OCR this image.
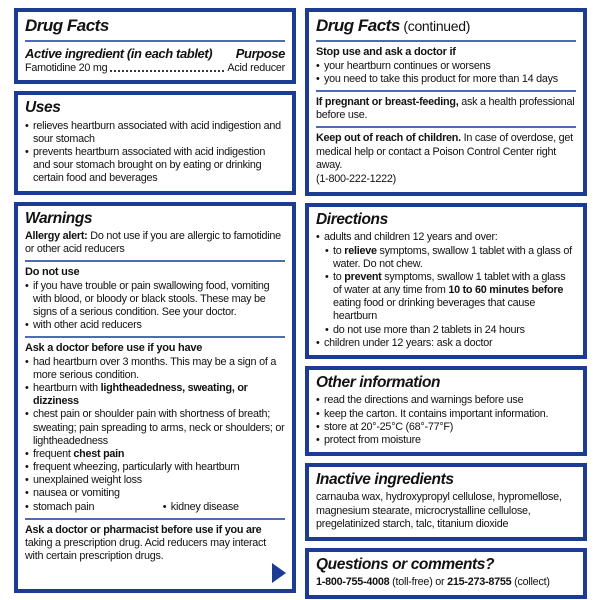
Drug Facts
Active ingredient (in each tablet) Purpose
Famotidine 20 mg	Acid reducer
Uses
• relieves heartburn associated with acid indigestion and sour stomach
• prevents heartburn associated with acid indigestion and sour stomach brought on by eating or drinking certain food and beverages
Warnings
Allergy alert: Do not use if you are allergic to famotidine or other acid reducers
Do not use
• if you have trouble or pain swallowing food, vomiting with blood, or bloody or black stools. These may be signs of a serious condition. See your doctor.
• with other acid reducers
Ask a doctor before use if you have
• had heartburn over 3 months. This may be a sign of a more serious condition.
• heartburn with lightheadedness, sweating, or dizziness
• chest pain or shoulder pain with shortness of breath; sweating; pain spreading to arms, neck or shoulders; or lightheadedness
• frequent chest pain
• frequent wheezing, particularly with heartburn
• unexplained weight loss
• nausea or vomiting
• stomach pain	• kidney disease
Ask a doctor or pharmacist before use if you are taking a prescription drug. Acid reducers may interact with certain prescription drugs.
Drug Facts (continued)
Stop use and ask a doctor if
• your heartburn continues or worsens
• you need to take this product for more than 14 days
If pregnant or breast-feeding, ask a health professional before use.
Keep out of reach of children. In case of overdose, get medical help or contact a Poison Control Center right away.
(1-800-222-1222)
Directions
• adults and children 12 years and over:
• to relieve symptoms, swallow 1 tablet with a glass of water. Do not chew.
• to prevent symptoms, swallow 1 tablet with a glass of water at any time from 10 to 60 minutes before eating food or drinking beverages that cause heartburn
• do not use more than 2 tablets in 24 hours
• children under 12 years: ask a doctor
Other information
• read the directions and warnings before use
• keep the carton. It contains important information.
• store at 20°-25°C (68°-77°F)
• protect from moisture
Inactive ingredients
carnauba wax, hydroxypropyl cellulose, hypromellose, magnesium stearate, microcrystalline cellulose, pregelatinized starch, talc, titanium dioxide
Questions or comments?
1-800-755-4008 (toll-free) or 215-273-8755 (collect)
